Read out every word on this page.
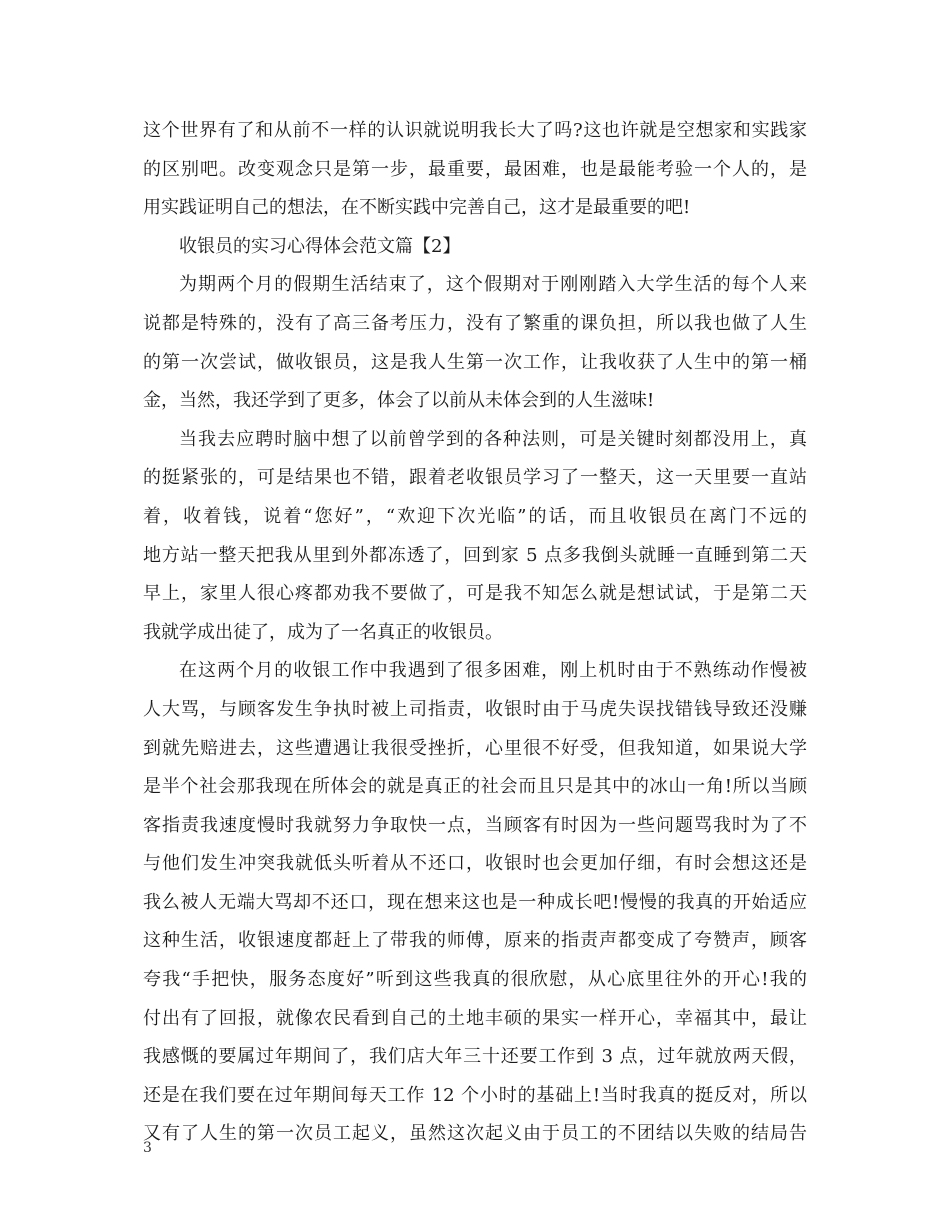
这个世界有了和从前不一样的认识就说明我长大了吗?这也许就是空想家和实践家
的区别吧。改变观念只是第一步，最重要，最困难，也是最能考验一个人的，是
用实践证明自己的想法，在不断实践中完善自己，这才是最重要的吧!
收银员的实习心得体会范文篇【2】
为期两个月的假期生活结束了，这个假期对于刚刚踏入大学生活的每个人来
说都是特殊的，没有了高三备考压力，没有了繁重的课负担，所以我也做了人生
的第一次尝试，做收银员，这是我人生第一次工作，让我收获了人生中的第一桶
金，当然，我还学到了更多，体会了以前从未体会到的人生滋味!
当我去应聘时脑中想了以前曾学到的各种法则，可是关键时刻都没用上，真
的挺紧张的，可是结果也不错，跟着老收银员学习了一整天，这一天里要一直站
着，收着钱，说着“您好”，“欢迎下次光临”的话，而且收银员在离门不远的
地方站一整天把我从里到外都冻透了，回到家 5 点多我倒头就睡一直睡到第二天
早上，家里人很心疼都劝我不要做了，可是我不知怎么就是想试试，于是第二天
我就学成出徒了，成为了一名真正的收银员。
在这两个月的收银工作中我遇到了很多困难，刚上机时由于不熟练动作慢被
人大骂，与顾客发生争执时被上司指责，收银时由于马虎失误找错钱导致还没赚
到就先赔进去，这些遭遇让我很受挫折，心里很不好受，但我知道，如果说大学
是半个社会那我现在所体会的就是真正的社会而且只是其中的冰山一角!所以当顾
客指责我速度慢时我就努力争取快一点，当顾客有时因为一些问题骂我时为了不
与他们发生冲突我就低头听着从不还口，收银时也会更加仔细，有时会想这还是
我么被人无端大骂却不还口，现在想来这也是一种成长吧!慢慢的我真的开始适应
这种生活，收银速度都赶上了带我的师傅，原来的指责声都变成了夸赞声，顾客
夸我“手把快，服务态度好”听到这些我真的很欣慰，从心底里往外的开心!我的
付出有了回报，就像农民看到自己的土地丰硕的果实一样开心，幸福其中，最让
我感慨的要属过年期间了，我们店大年三十还要工作到 3 点，过年就放两天假，
还是在我们要在过年期间每天工作 12 个小时的基础上!当时我真的挺反对，所以
又有了人生的第一次员工起义，虽然这次起义由于员工的不团结以失败的结局告
3
